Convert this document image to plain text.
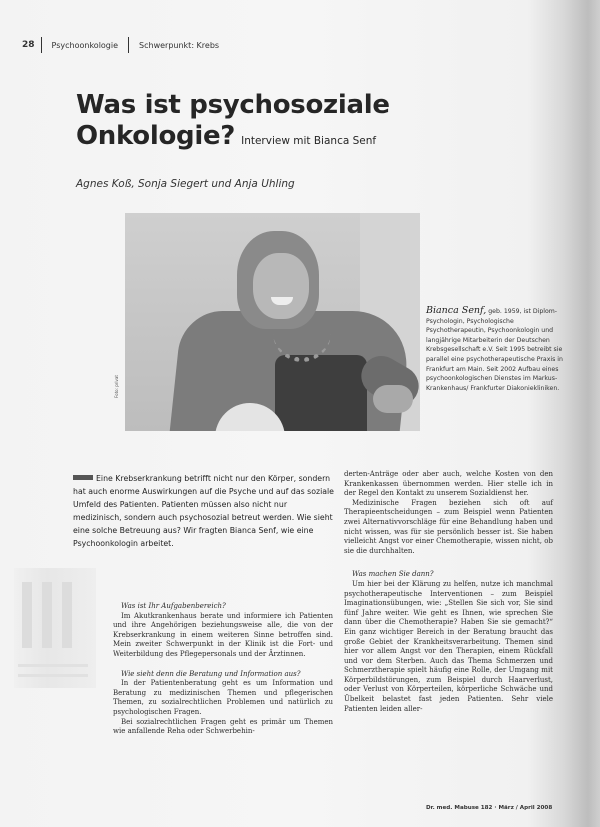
28	Psychoonkologie	Schwerpunkt: Krebs
Was ist psychosoziale
Onkologie? Interview mit Bianca Senf
Agnes Koß, Sonja Siegert und Anja Uhling
Foto: privat
Bianca Senf, geb. 1959, ist Diplom-Psychologin, Psychologische Psychotherapeutin, Psychoonkologin und langjährige Mitarbeiterin der Deutschen Krebsgesellschaft e.V. Seit 1995 betreibt sie parallel eine psychotherapeutische Praxis in Frankfurt am Main. Seit 2002 Aufbau eines psychoonkologischen Dienstes im Markus-Krankenhaus/ Frankfurter Diakoniekliniken.
Eine Krebserkrankung betrifft nicht nur den Körper, sondern hat auch enorme Auswirkungen auf die Psyche und auf das soziale Umfeld des Patienten. Patienten müssen also nicht nur medizinisch, sondern auch psychosozial betreut werden. Wie sieht eine solche Betreuung aus? Wir fragten Bianca Senf, wie eine Psychoonkologin arbeitet.

Was ist Ihr Aufgabenbereich?

Im Akutkrankenhaus berate und informiere ich Patienten und ihre Angehörigen beziehungsweise alle, die von der Krebserkrankung in einem weiteren Sinne betroffen sind. Mein zweiter Schwerpunkt in der Klinik ist die Fort- und Weiterbildung des Pflegepersonals und der Ärztinnen.

Wie sieht denn die Beratung und Information aus?

In der Patientenberatung geht es um Information und Beratung zu medizinischen Themen und pflegerischen Themen, zu sozialrechtlichen Problemen und natürlich zu psychologischen Fragen.

Bei sozialrechtlichen Fragen geht es primär um Themen wie anfallende Reha oder Schwerbehin-

derten-Anträge oder aber auch, welche Kosten von den Krankenkassen übernommen werden. Hier stelle ich in der Regel den Kontakt zu unserem Sozialdienst her.

Medizinische Fragen beziehen sich oft auf Therapieentscheidungen – zum Beispiel wenn Patienten zwei Alternativvorschläge für eine Behandlung haben und nicht wissen, was für sie persönlich besser ist. Sie haben vielleicht Angst vor einer Chemotherapie, wissen nicht, ob sie die durchhalten.

Was machen Sie dann?

Um hier bei der Klärung zu helfen, nutze ich manchmal psychotherapeutische Interventionen – zum Beispiel Imaginationsübungen, wie: „Stellen Sie sich vor, Sie sind fünf Jahre weiter. Wie geht es Ihnen, wie sprechen Sie dann über die Chemotherapie? Haben Sie sie gemacht?“ Ein ganz wichtiger Bereich in der Beratung braucht das große Gebiet der Krankheitsverarbeitung. Themen sind hier vor allem Angst vor den Therapien, einem Rückfall und vor dem Sterben. Auch das Thema Schmerzen und Schmerztherapie spielt häufig eine Rolle, der Umgang mit Körperbildstörungen, zum Beispiel durch Haarverlust, oder Verlust von Körperteilen, körperliche Schwäche und Übelkeit belastet fast jeden Patienten. Sehr viele Patienten leiden aller-

Dr. med. Mabuse 182 · März / April 2008
